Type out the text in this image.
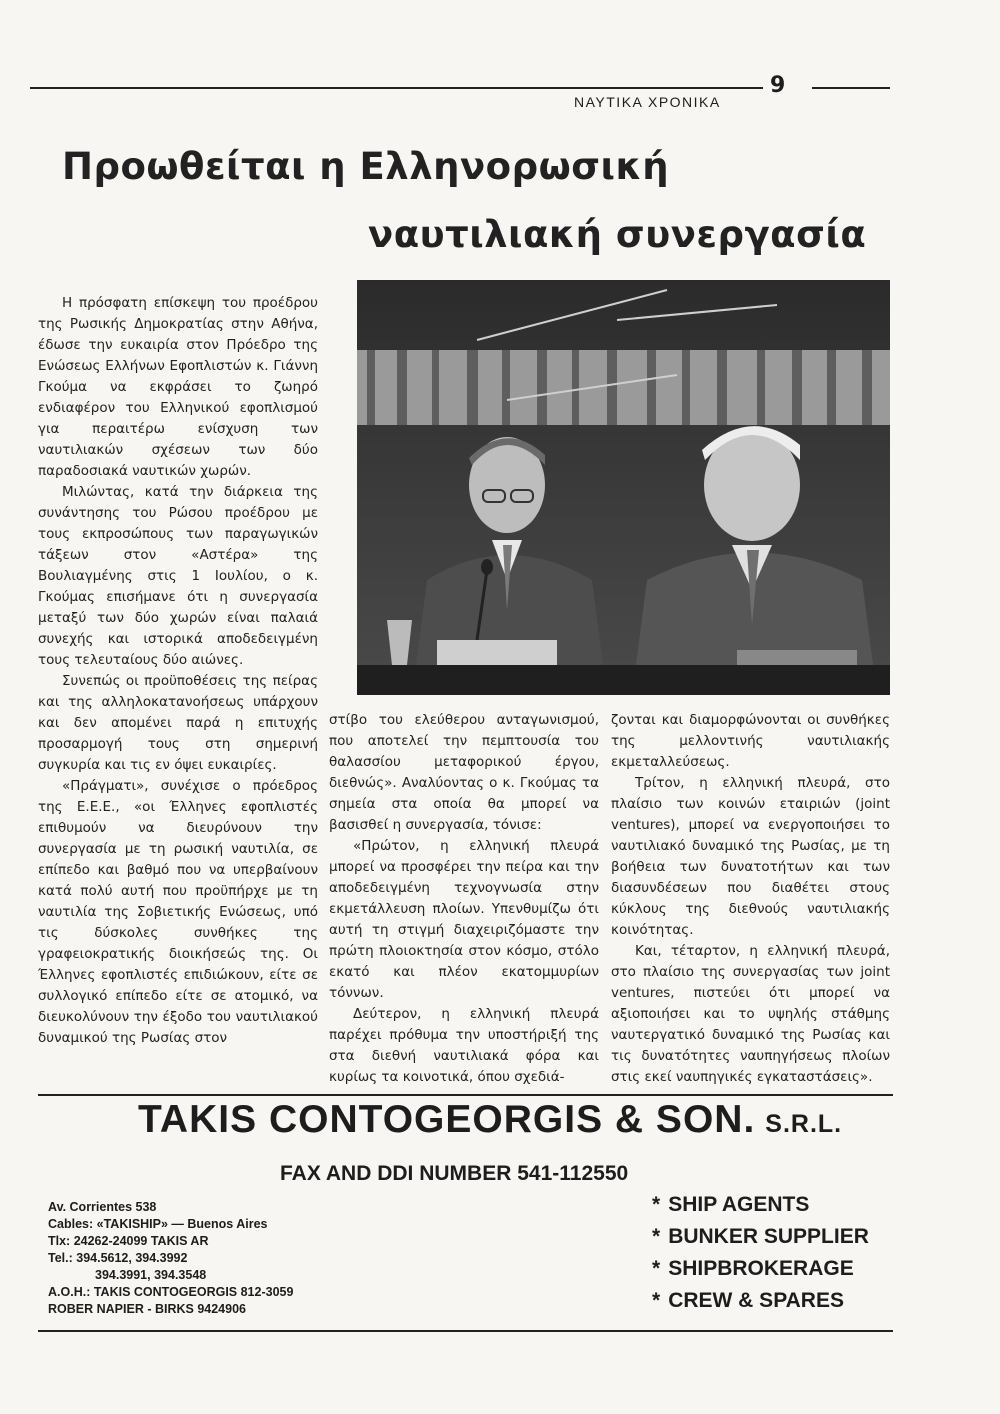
9
ΝΑΥΤΙΚΑ ΧΡΟΝΙΚΑ
Προωθείται η Ελληνορωσική
ναυτιλιακή συνεργασία

Η πρόσφατη επίσκεψη του προέδρου της Ρωσικής Δημοκρατίας στην Αθήνα, έδωσε την ευκαιρία στον Πρόεδρο της Ενώσεως Ελλήνων Εφοπλιστών κ. Γιάννη Γκούμα να εκφράσει το ζωηρό ενδιαφέρον του Ελληνικού εφοπλισμού για περαιτέρω ενίσχυση των ναυτιλιακών σχέσεων των δύο παραδοσιακά ναυτικών χωρών.

Μιλώντας, κατά την διάρκεια της συνάντησης του Ρώσου προέδρου με τους εκπροσώπους των παραγωγικών τάξεων στον «Αστέρα» της Βουλιαγμένης στις 1 Ιουλίου, ο κ. Γκούμας επισήμανε ότι η συνεργασία μεταξύ των δύο χωρών είναι παλαιά συνεχής και ιστορικά αποδεδειγμένη τους τελευταίους δύο αιώνες.

Συνεπώς οι προϋποθέσεις της πείρας και της αλληλοκατανοήσεως υπάρχουν και δεν απομένει παρά η επιτυχής προσαρμογή τους στη σημερινή συγκυρία και τις εν όψει ευκαιρίες.

«Πράγματι», συνέχισε ο πρόεδρος της Ε.Ε.Ε., «οι Έλληνες εφοπλιστές επιθυμούν να διευρύνουν την συνεργασία με τη ρωσική ναυτιλία, σε επίπεδο και βαθμό που να υπερβαίνουν κατά πολύ αυτή που προϋπήρχε με τη ναυτιλία της Σοβιετικής Ενώσεως, υπό τις δύσκολες συνθήκες της γραφειοκρατικής διοικήσεώς της. Οι Έλληνες εφοπλιστές επιδιώκουν, είτε σε συλλογικό επίπεδο είτε σε ατομικό, να διευκολύνουν την έξοδο του ναυτιλιακού δυναμικού της Ρωσίας στον

στίβο του ελεύθερου ανταγωνισμού, που αποτελεί την πεμπτουσία του θαλασσίου μεταφορικού έργου, διεθνώς». Αναλύοντας ο κ. Γκούμας τα σημεία στα οποία θα μπορεί να βασισθεί η συνεργασία, τόνισε:

«Πρώτον, η ελληνική πλευρά μπορεί να προσφέρει την πείρα και την αποδεδειγμένη τεχνογνωσία στην εκμετάλλευση πλοίων. Υπενθυμίζω ότι αυτή τη στιγμή διαχειριζόμαστε την πρώτη πλοιοκτησία στον κόσμο, στόλο εκατό και πλέον εκατομμυρίων τόννων.

Δεύτερον, η ελληνική πλευρά παρέχει πρόθυμα την υποστήριξή της στα διεθνή ναυτιλιακά φόρα και κυρίως τα κοινοτικά, όπου σχεδιά-

ζονται και διαμορφώνονται οι συνθήκες της μελλοντινής ναυτιλιακής εκμεταλλεύσεως.

Τρίτον, η ελληνική πλευρά, στο πλαίσιο των κοινών εταιριών (joint ventures), μπορεί να ενεργοποιήσει το ναυτιλιακό δυναμικό της Ρωσίας, με τη βοήθεια των δυνατοτήτων και των διασυνδέσεων που διαθέτει στους κύκλους της διεθνούς ναυτιλιακής κοινότητας.

Και, τέταρτον, η ελληνική πλευρά, στο πλαίσιο της συνεργασίας των joint ventures, πιστεύει ότι μπορεί να αξιοποιήσει και το υψηλής στάθμης ναυτεργατικό δυναμικό της Ρωσίας και τις δυνατότητες ναυπηγήσεως πλοίων στις εκεί ναυπηγικές εγκαταστάσεις».

TAKIS CONTOGEORGIS & SON. S.R.L.
FAX AND DDI NUMBER 541-112550
Av. Corrientes 538
Cables: «TAKISHIP» — Buenos Aires
Tlx: 24262-24099 TAKIS AR
Tel.: 394.5612, 394.3992
394.3991, 394.3548
A.O.H.: TAKIS CONTOGEORGIS 812-3059
ROBER NAPIER - BIRKS 9424906
* SHIP AGENTS
* BUNKER SUPPLIER
* SHIPBROKERAGE
* CREW & SPARES
